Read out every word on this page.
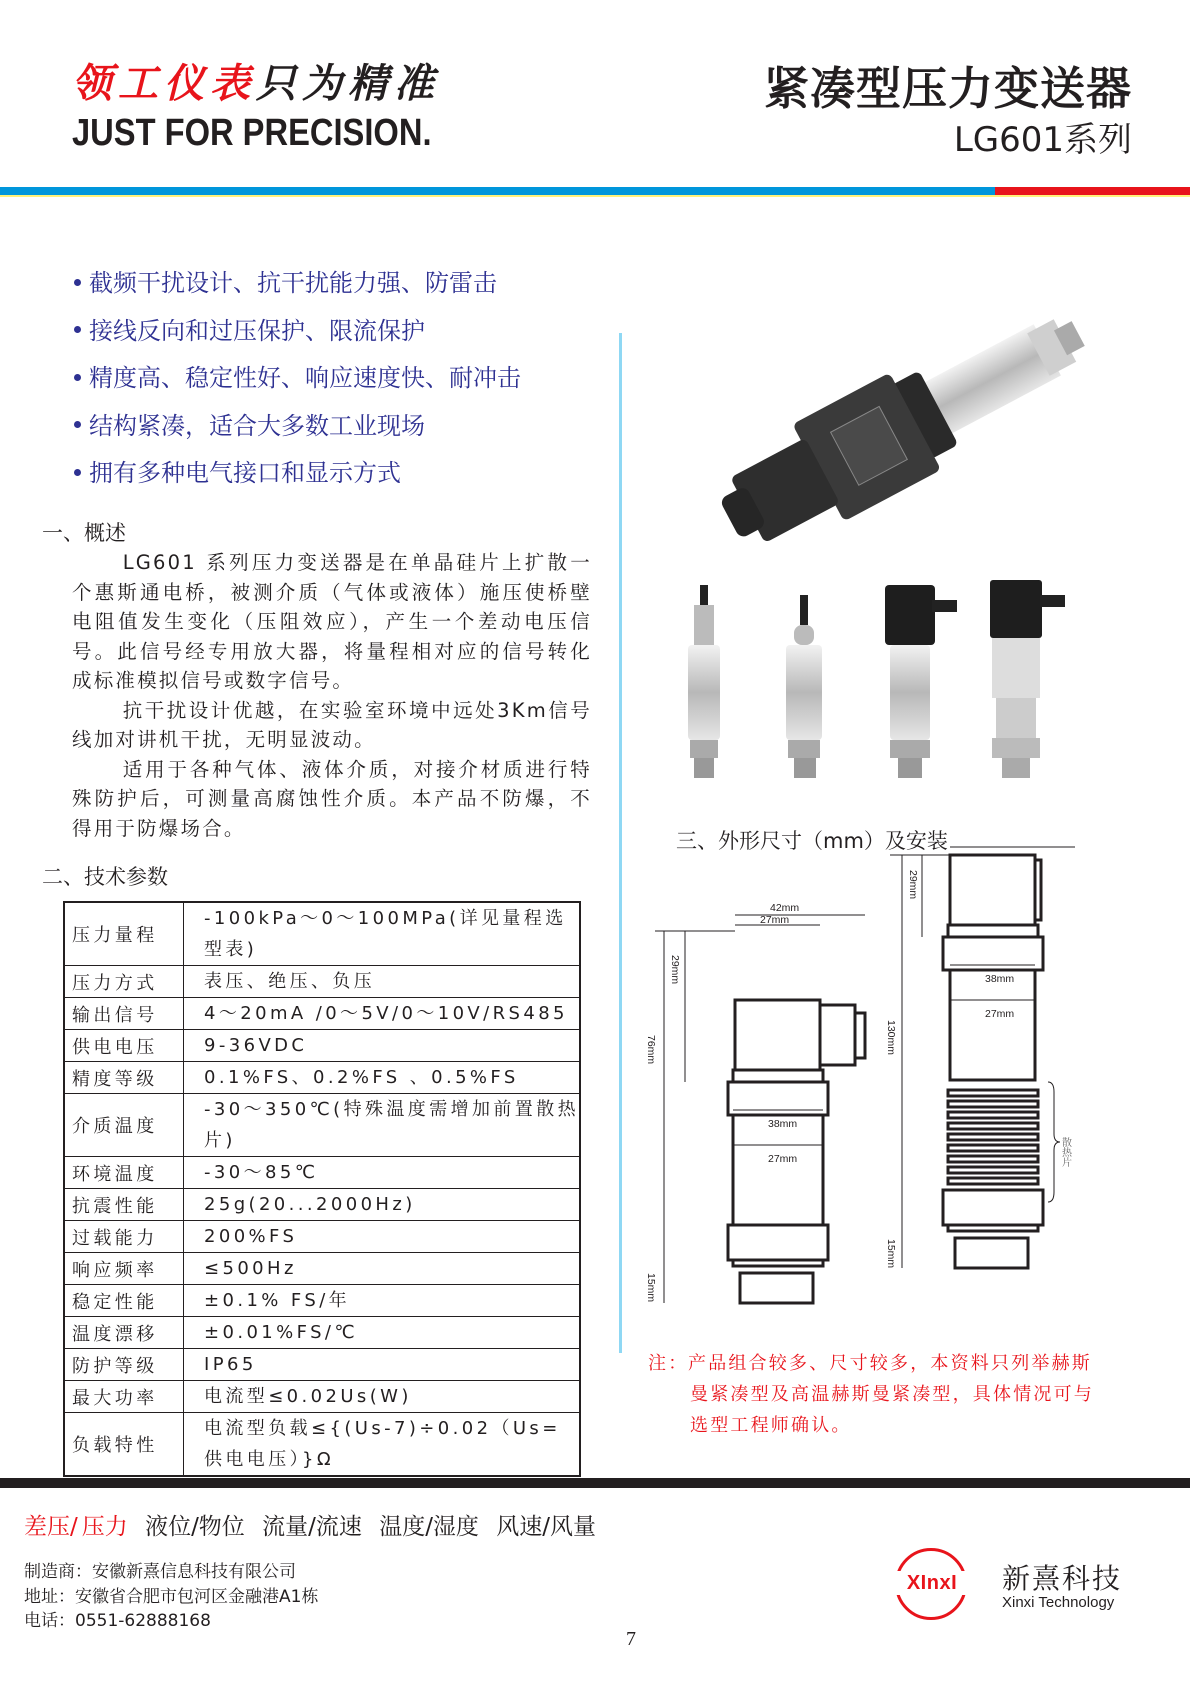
领工仪表只为精准
JUST FOR PRECISION.
紧凑型压力变送器
LG601系列
截频干扰设计、抗干扰能力强、防雷击
接线反向和过压保护、限流保护
精度高、稳定性好、响应速度快、耐冲击
结构紧凑，适合大多数工业现场
拥有多种电气接口和显示方式
一、概述

LG601 系列压力变送器是在单晶硅片上扩散一个惠斯通电桥，被测介质（气体或液体）施压使桥壁电阻值发生变化（压阻效应），产生一个差动电压信号。此信号经专用放大器，将量程相对应的信号转化成标准模拟信号或数字信号。

抗干扰设计优越，在实验室环境中远处3Km信号线加对讲机干扰，无明显波动。

适用于各种气体、液体介质，对接介材质进行特殊防护后，可测量高腐蚀性介质。本产品不防爆，不得用于防爆场合。

二、技术参数
压力量程	-100kPa～0～100MPa(详见量程选型表)
压力方式	表压、绝压、负压
输出信号	4～20mA /0～5V/0～10V/RS485
供电电压	9-36VDC
精度等级	0.1%FS、0.2%FS 、0.5%FS
介质温度	-30～350℃(特殊温度需增加前置散热片)
环境温度	-30～85℃
抗震性能	25g(20...2000Hz)
过载能力	200%FS
响应频率	≤500Hz
稳定性能	±0.1% FS/年
温度漂移	±0.01%FS/℃
防护等级	IP65
最大功率	电流型≤0.02Us(W)
负载特性	电流型负载≤{(Us-7)÷0.02（Us=供电电压）}Ω
三、外形尺寸（mm）及安装
42mm
27mm
38mm
27mm
38mm
27mm
散热片
29mm
76mm
15mm
29mm
130mm
15mm
注：产品组合较多、尺寸较多，本资料只列举赫斯
曼紧凑型及高温赫斯曼紧凑型，具体情况可与
选型工程师确认。
差压/ 压力 液位/物位 流量/流速 温度/湿度 风速/风量
制造商：安徽新熹信息科技有限公司
地址：安徽省合肥市包河区金融港A1栋
电话：0551-62888168
7
XInxI	新熹科技
Xinxi Technology
